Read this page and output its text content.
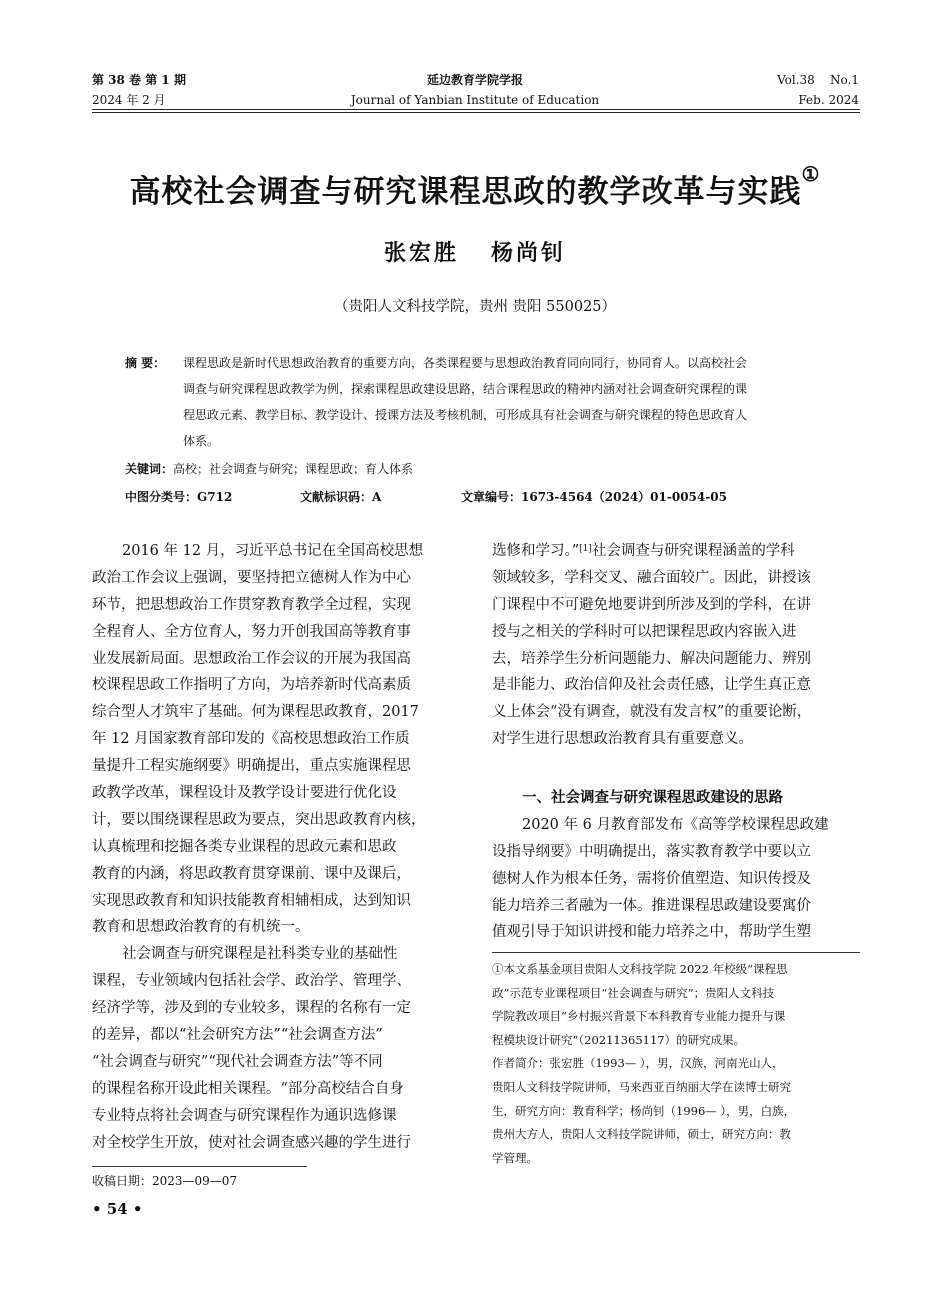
第 38 卷 第 1 期
2024 年 2 月
延边教育学院学报
Journal of Yanbian Institute of Education
Vol.38    No.1
Feb. 2024
高校社会调查与研究课程思政的教学改革与实践①
张宏胜   杨尚钊
（贵阳人文科技学院，贵州 贵阳 550025）
摘 要： 课程思政是新时代思想政治教育的重要方向，各类课程要与思想政治教育同向同行，协同育人。以高校社会
调查与研究课程思政教学为例，探索课程思政建设思路，结合课程思政的精神内涵对社会调查研究课程的课
程思政元素、教学目标、教学设计、授课方法及考核机制，可形成具有社会调查与研究课程的特色思政育人
体系。
关键词：高校；社会调查与研究；课程思政；育人体系
中图分类号：G712	文献标识码：A	文章编号：1673-4564（2024）01-0054-05
2016 年 12 月，习近平总书记在全国高校思想
政治工作会议上强调，要坚持把立德树人作为中心
环节，把思想政治工作贯穿教育教学全过程，实现
全程育人、全方位育人，努力开创我国高等教育事
业发展新局面。思想政治工作会议的开展为我国高
校课程思政工作指明了方向，为培养新时代高素质
综合型人才筑牢了基础。何为课程思政教育，2017
年 12 月国家教育部印发的《高校思想政治工作质
量提升工程实施纲要》明确提出，重点实施课程思
政教学改革，课程设计及教学设计要进行优化设
计，要以围绕课程思政为要点，突出思政教育内核，
认真梳理和挖掘各类专业课程的思政元素和思政
教育的内涵，将思政教育贯穿课前、课中及课后，
实现思政教育和知识技能教育相辅相成，达到知识
教育和思想政治教育的有机统一。
社会调查与研究课程是社科类专业的基础性
课程，专业领域内包括社会学、政治学、管理学、
经济学等，涉及到的专业较多，课程的名称有一定
的差异，都以“社会研究方法”“社会调查方法”
“社会调查与研究”“现代社会调查方法”等不同
的课程名称开设此相关课程。“部分高校结合自身
专业特点将社会调查与研究课程作为通识选修课
对全校学生开放，使对社会调查感兴趣的学生进行
选修和学习。”[1]社会调查与研究课程涵盖的学科
领域较多，学科交叉、融合面较广。因此，讲授该
门课程中不可避免地要讲到所涉及到的学科，在讲
授与之相关的学科时可以把课程思政内容嵌入进
去，培养学生分析问题能力、解决问题能力、辨别
是非能力、政治信仰及社会责任感，让学生真正意
义上体会“没有调查，就没有发言权”的重要论断，
对学生进行思想政治教育具有重要意义。
一、社会调查与研究课程思政建设的思路
2020 年 6 月教育部发布《高等学校课程思政建
设指导纲要》中明确提出，落实教育教学中要以立
德树人作为根本任务，需将价值塑造、知识传授及
能力培养三者融为一体。推进课程思政建设要寓价
值观引导于知识讲授和能力培养之中，帮助学生塑
①本文系基金项目贵阳人文科技学院 2022 年校级“课程思
政”示范专业课程项目“社会调查与研究”；贵阳人文科技
学院教改项目“乡村振兴背景下本科教育专业能力提升与课
程模块设计研究”（20211365117）的研究成果。
作者简介：张宏胜（1993— ），男，汉族，河南光山人，
贵阳人文科技学院讲师，马来西亚百纳丽大学在读博士研究
生，研究方向：教育科学；杨尚钊（1996— ），男，白族，
贵州大方人，贵阳人文科技学院讲师，硕士，研究方向：教
学管理。
收稿日期：2023—09—07
• 54 •
